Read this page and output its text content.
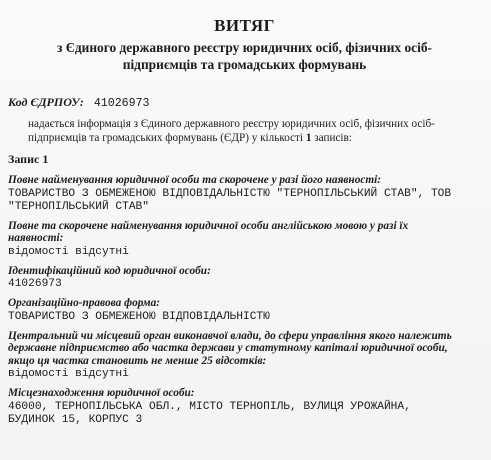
ВИТЯГ
з Єдиного державного реєстру юридичних осіб, фізичних осіб-
підприємців та громадських формувань
Код ЄДРПОУ: 41026973
надається інформація з Єдиного державного реєстру юридичних осіб, фізичних осіб-
підприємців та громадських формувань (ЄДР) у кількості 1 записів:
Запис 1
Повне найменування юридичної особи та скорочене у разі його наявності:
ТОВАРИСТВО З ОБМЕЖЕНОЮ ВІДПОВІДАЛЬНІСТЮ "ТЕРНОПІЛЬСЬКИЙ СТАВ", ТОВ
"ТЕРНОПІЛЬСЬКИЙ СТАВ"
Повне та скорочене найменування юридичної особи англійською мовою у разі їх
наявності:
відомості відсутні
Ідентифікаційний код юридичної особи:
41026973
Організаційно-правова форма:
ТОВАРИСТВО З ОБМЕЖЕНОЮ ВІДПОВІДАЛЬНІСТЮ
Центральний чи місцевий орган виконавчої влади, до сфери управління якого належить
державне підприємство або частка держави у статутному капіталі юридичної особи,
якщо ця частка становить не менше 25 відсотків:
відомості відсутні
Місцезнаходження юридичної особи:
46000, ТЕРНОПІЛЬСЬКА ОБЛ., МІСТО ТЕРНОПІЛЬ, ВУЛИЦЯ УРОЖАЙНА,
БУДИНОК 15, КОРПУС 3
